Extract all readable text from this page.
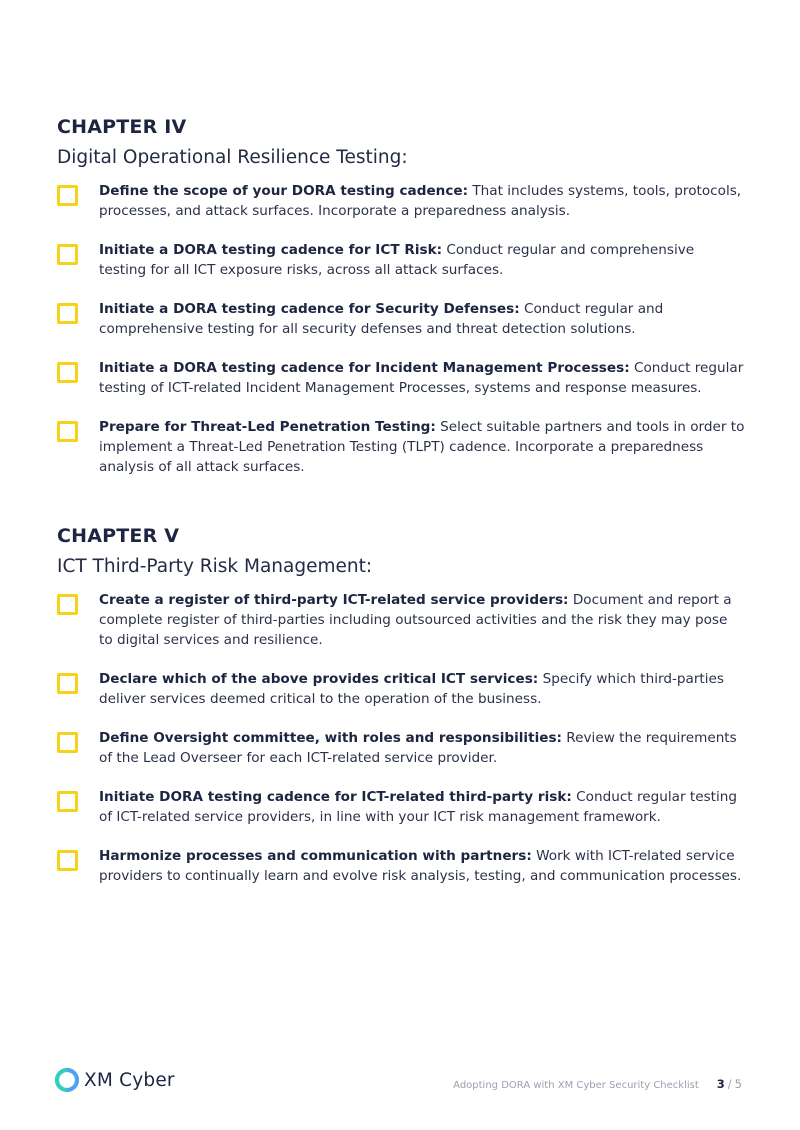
CHAPTER IV
Digital Operational Resilience Testing:

Define the scope of your DORA testing cadence: That includes systems, tools, protocols, processes, and attack surfaces. Incorporate a preparedness analysis.

Initiate a DORA testing cadence for ICT Risk: Conduct regular and comprehensive testing for all ICT exposure risks, across all attack surfaces.

Initiate a DORA testing cadence for Security Defenses: Conduct regular and comprehensive testing for all security defenses and threat detection solutions.

Initiate a DORA testing cadence for Incident Management Processes: Conduct regular testing of ICT-related Incident Management Processes, systems and response measures.

Prepare for Threat-Led Penetration Testing: Select suitable partners and tools in order to implement a Threat-Led Penetration Testing (TLPT) cadence. Incorporate a preparedness analysis of all attack surfaces.

CHAPTER V
ICT Third-Party Risk Management:

Create a register of third-party ICT-related service providers: Document and report a complete register of third-parties including outsourced activities and the risk they may pose to digital services and resilience.

Declare which of the above provides critical ICT services: Specify which third-parties deliver services deemed critical to the operation of the business.

Define Oversight committee, with roles and responsibilities: Review the requirements of the Lead Overseer for each ICT-related service provider.

Initiate DORA testing cadence for ICT-related third-party risk: Conduct regular testing of ICT-related service providers, in line with your ICT risk management framework.

Harmonize processes and communication with partners: Work with ICT-related service providers to continually learn and evolve risk analysis, testing, and communication processes.

XM Cyber	Adopting DORA with XM Cyber Security Checklist 3 / 5
